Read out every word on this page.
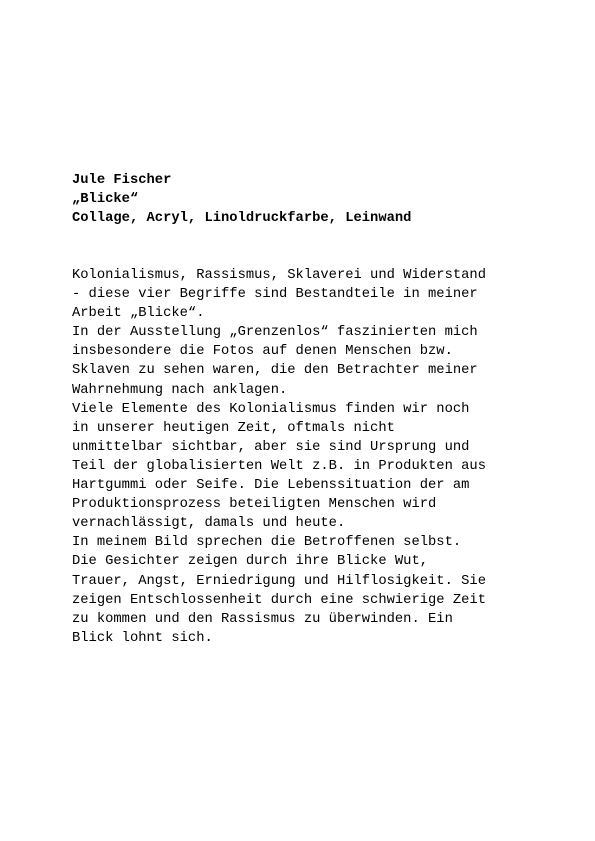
Jule Fischer
„Blicke“
Collage, Acryl, Linoldruckfarbe, Leinwand
Kolonialismus, Rassismus, Sklaverei und Widerstand
- diese vier Begriffe sind Bestandteile in meiner
Arbeit „Blicke“.
In der Ausstellung „Grenzenlos“ faszinierten mich
insbesondere die Fotos auf denen Menschen bzw.
Sklaven zu sehen waren, die den Betrachter meiner
Wahrnehmung nach anklagen.
Viele Elemente des Kolonialismus finden wir noch
in unserer heutigen Zeit, oftmals nicht
unmittelbar sichtbar, aber sie sind Ursprung und
Teil der globalisierten Welt z.B. in Produkten aus
Hartgummi oder Seife. Die Lebenssituation der am
Produktionsprozess beteiligten Menschen wird
vernachlässigt, damals und heute.
In meinem Bild sprechen die Betroffenen selbst.
Die Gesichter zeigen durch ihre Blicke Wut,
Trauer, Angst, Erniedrigung und Hilflosigkeit. Sie
zeigen Entschlossenheit durch eine schwierige Zeit
zu kommen und den Rassismus zu überwinden. Ein
Blick lohnt sich.
